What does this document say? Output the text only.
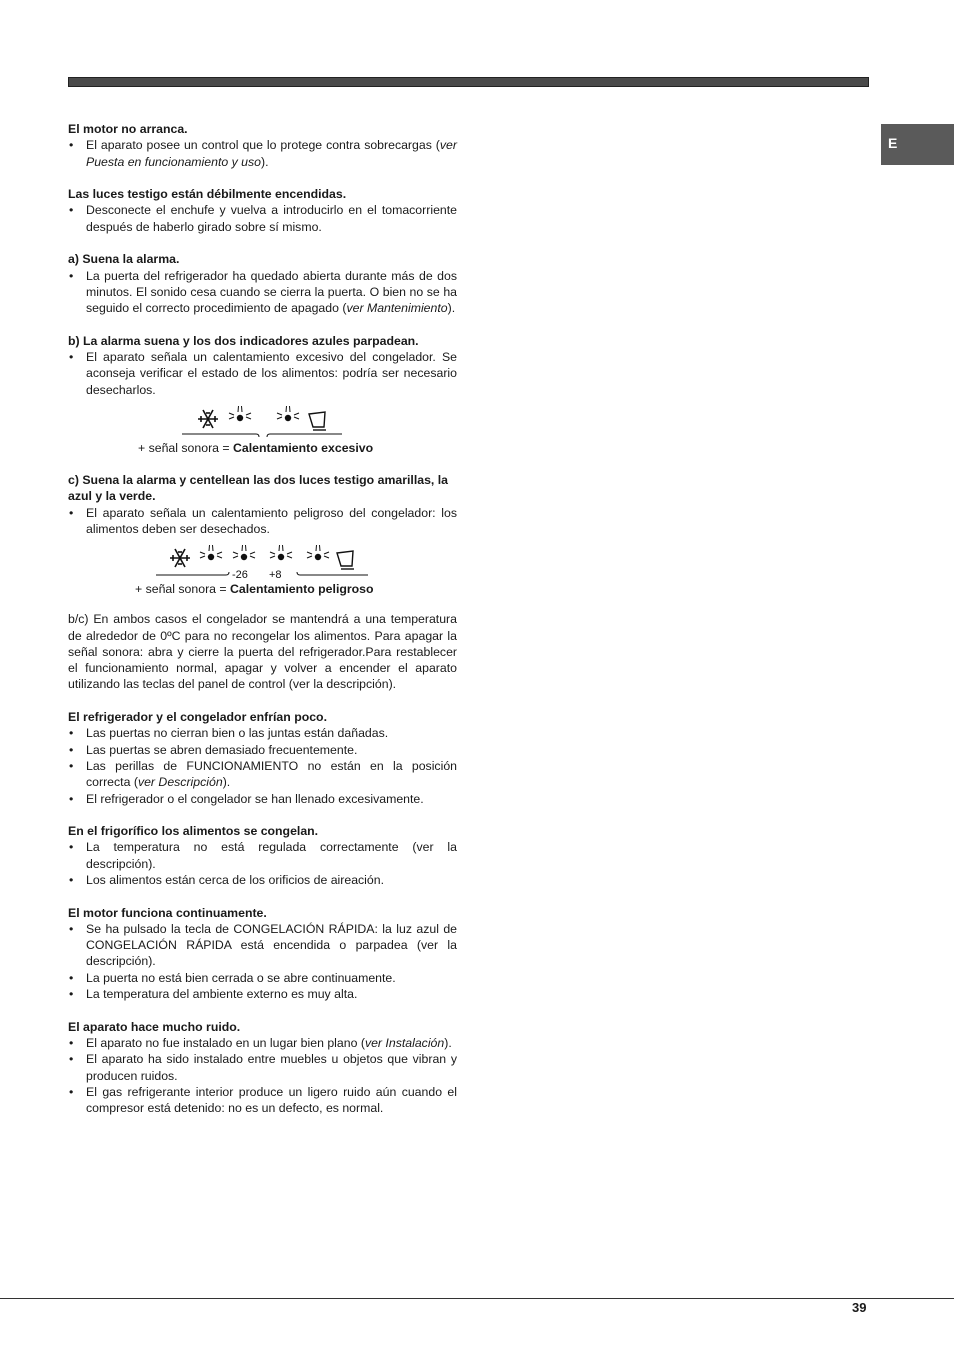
E
El motor no arranca.
• El aparato posee un control que lo protege contra sobrecargas (ver Puesta en funcionamiento y uso).
Las luces testigo están débilmente encendidas.
• Desconecte el enchufe y vuelva a introducirlo en el tomacorriente después de haberlo girado sobre sí mismo.
a) Suena la alarma.
• La puerta del refrigerador ha quedado abierta durante más de dos minutos. El sonido cesa cuando se cierra la puerta. O bien no se ha seguido el correcto procedimiento de apagado (ver Mantenimiento).
b) La alarma suena y los dos indicadores azules parpadean.
• El aparato señala un calentamiento excesivo del congelador. Se aconseja verificar el estado de los alimentos: podría ser necesario desecharlos.
+ señal sonora = Calentamiento excesivo
c) Suena la alarma y centellean las dos luces testigo amarillas, la azul y la verde.
• El aparato señala un calentamiento peligroso del congelador: los alimentos deben ser desechados.
-26 +8
+ señal sonora = Calentamiento peligroso
b/c) En ambos casos el congelador se mantendrá a una temperatura de alrededor de 0ºC para no recongelar los alimentos. Para apagar la señal sonora: abra y cierre la puerta del refrigerador.Para restablecer el funcionamiento normal, apagar y volver a encender el aparato utilizando las teclas del panel de control (ver la descripción).
El refrigerador y el congelador enfrían poco.
• Las puertas no cierran bien o las juntas están dañadas.
• Las puertas se abren demasiado frecuentemente.
• Las perillas de FUNCIONAMIENTO no están en la posición correcta (ver Descripción).
• El refrigerador o el congelador se han llenado excesivamente.
En el frigorífico los alimentos se congelan.
• La temperatura no está regulada correctamente (ver la descripción).
• Los alimentos están cerca de los orificios de aireación.
El motor funciona continuamente.
• Se ha pulsado la tecla de CONGELACIÓN RÁPIDA: la luz azul de CONGELACIÓN RÁPIDA está encendida o parpadea (ver la descripción).
• La puerta no está bien cerrada o se abre continuamente.
• La temperatura del ambiente externo es muy alta.
El aparato hace mucho ruido.
• El aparato no fue instalado en un lugar bien plano (ver Instalación).
• El aparato ha sido instalado entre muebles u objetos que vibran y producen ruidos.
• El gas refrigerante interior produce un ligero ruido aún cuando el compresor está detenido: no es un defecto, es normal.
39
